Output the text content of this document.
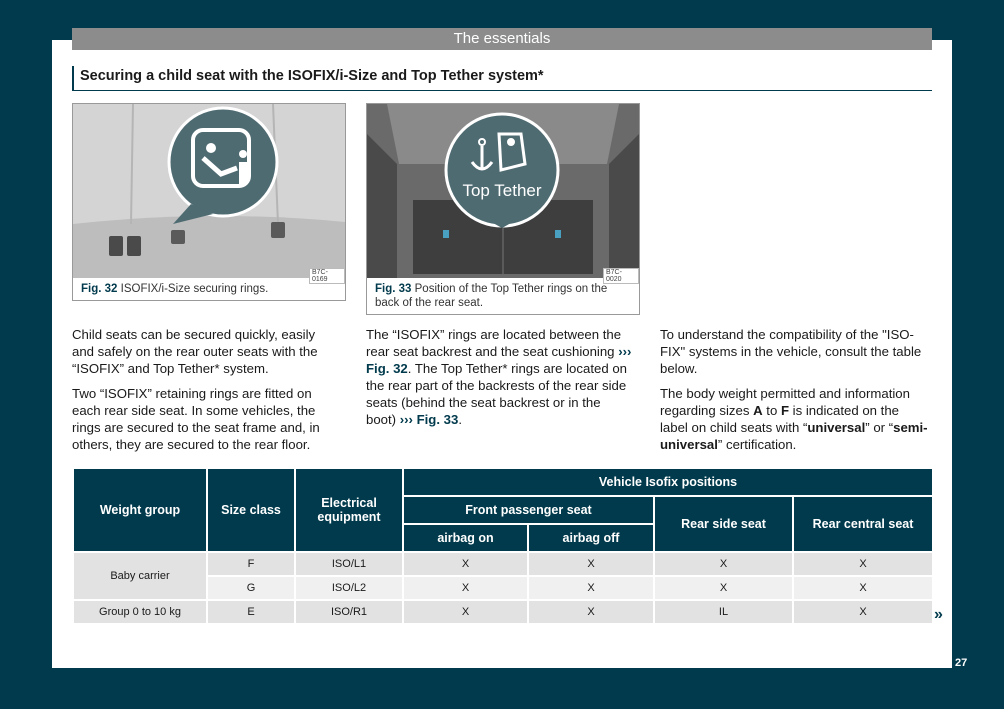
The essentials
Securing a child seat with the ISOFIX/i-Size and Top Tether system*
B7C-0169
Fig. 32 ISOFIX/i-Size securing rings.
Top Tether
B7C-0020
Fig. 33 Position of the Top Tether rings on the back of the rear seat.

Child seats can be secured quickly, easily and safely on the rear outer seats with the “ISOFIX” and Top Tether* system.

Two “ISOFIX” retaining rings are fitted on each rear side seat. In some vehicles, the rings are secured to the seat frame and, in others, they are secured to the rear floor.

The “ISOFIX” rings are located between the rear seat backrest and the seat cushioning ››› Fig. 32. The Top Tether* rings are located on the rear part of the backrests of the rear side seats (behind the seat backrest or in the boot) ››› Fig. 33.

To understand the compatibility of the "ISO-FIX" systems in the vehicle, consult the table below.

The body weight permitted and information regarding sizes A to F is indicated on the label on child seats with “universal” or “semi-universal” certification.

Weight group	Size class	Electrical equipment	Vehicle Isofix positions			
			Front passenger seat		Rear side seat	Rear central seat
			airbag on	airbag off		
Baby carrier	F	ISO/L1	X	X	X	X
	G	ISO/L2	X	X	X	X
Group 0 to 10 kg	E	ISO/R1	X	X	IL	X	»
27
